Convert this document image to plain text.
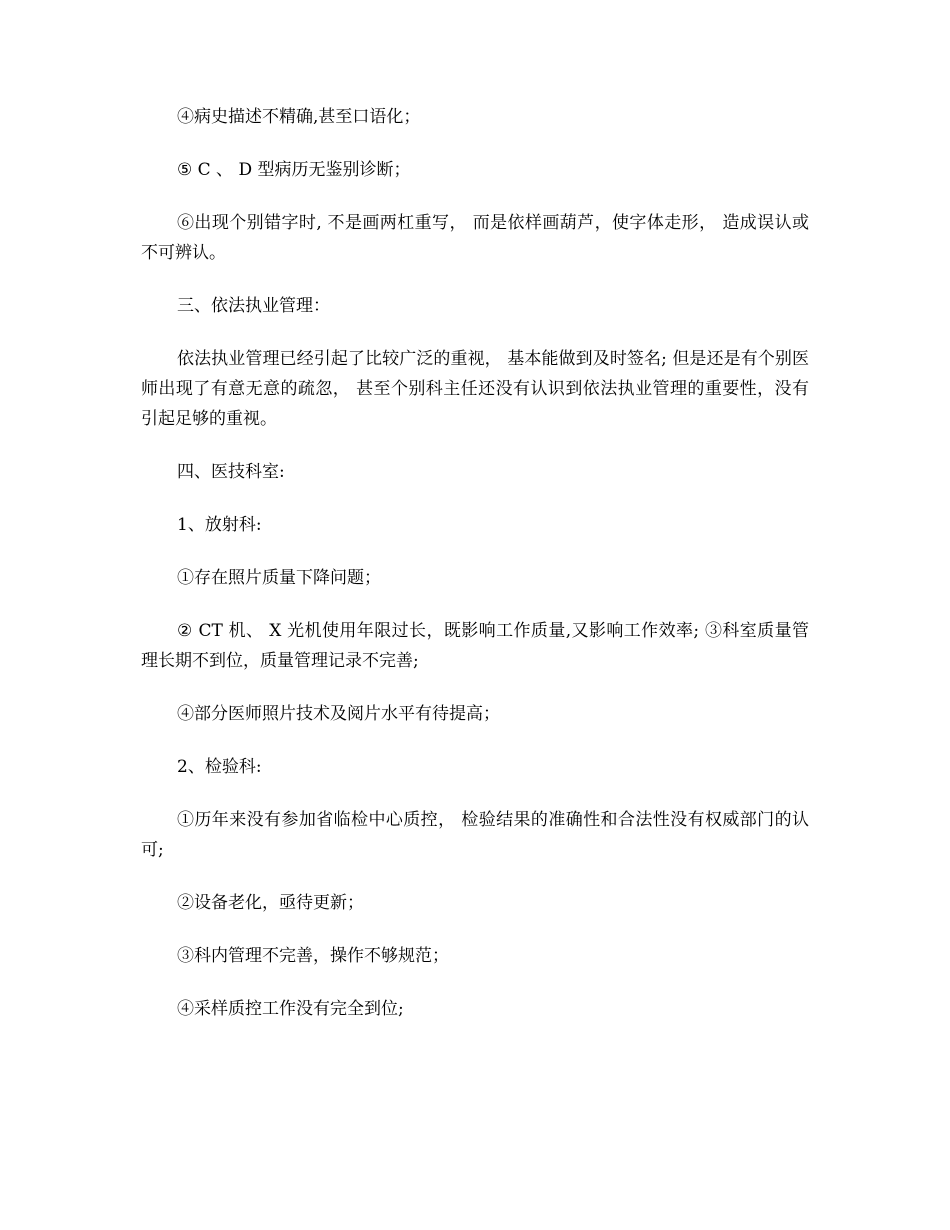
④病史描述不精确,甚至口语化；

⑤ C 、 D 型病历无鉴别诊断；

⑥出现个别错字时, 不是画两杠重写， 而是依样画葫芦，使字体走形， 造成误认或不可辨认。

三、依法执业管理：

依法执业管理已经引起了比较广泛的重视， 基本能做到及时签名; 但是还是有个别医师出现了有意无意的疏忽， 甚至个别科主任还没有认识到依法执业管理的重要性，没有引起足够的重视。

四、医技科室:

1、放射科:

①存在照片质量下降问题；

② CT 机、 X 光机使用年限过长，既影响工作质量,又影响工作效率; ③科室质量管理长期不到位，质量管理记录不完善;

④部分医师照片技术及阅片水平有待提高；

2、检验科:

①历年来没有参加省临检中心质控， 检验结果的准确性和合法性没有权威部门的认可;

②设备老化，亟待更新；

③科内管理不完善，操作不够规范；

④采样质控工作没有完全到位;
